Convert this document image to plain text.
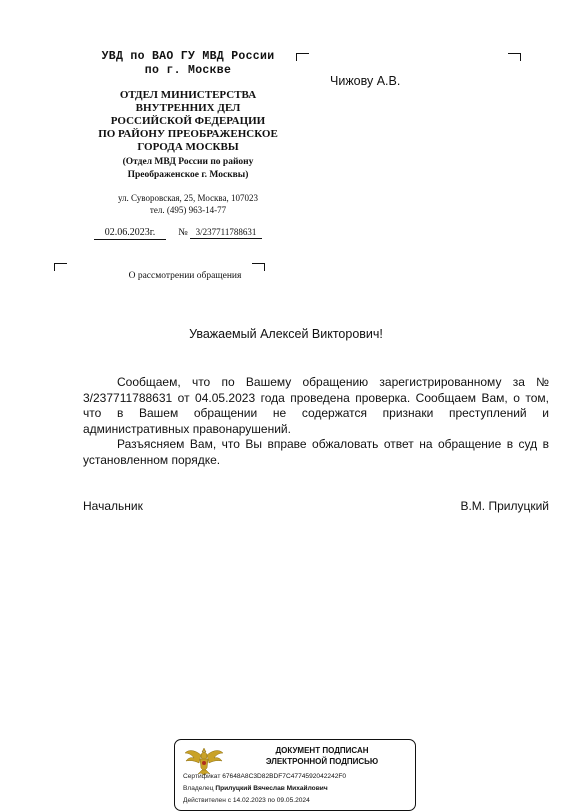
УВД по ВАО ГУ МВД России
по г. Москве
ОТДЕЛ МИНИСТЕРСТВА
ВНУТРЕННИХ ДЕЛ
РОССИЙСКОЙ ФЕДЕРАЦИИ
ПО РАЙОНУ ПРЕОБРАЖЕНСКОЕ
ГОРОДА МОСКВЫ
(Отдел МВД России по району
Преображенское г. Москвы)
ул. Суворовская, 25, Москва, 107023
тел. (495) 963-14-77
02.06.2023г. № 3/237711788631
О рассмотрении обращения
Чижову А.В.
Уважаемый Алексей Викторович!
Сообщаем, что по Вашему обращению зарегистрированному за № 3/237711788631 от 04.05.2023 года проведена проверка. Сообщаем Вам, о том, что в Вашем обращении не содержатся признаки преступлений и административных правонарушений.
Разъясняем Вам, что Вы вправе обжаловать ответ на обращение в суд в установленном порядке.
Начальник	В.М. Прилуцкий
ДОКУМЕНТ ПОДПИСАН
ЭЛЕКТРОННОЙ ПОДПИСЬЮ
Сертификат 67648A8C3D82BDF7C4774592042242F0
Владелец Прилуцкий Вячеслав Михайлович
Действителен с 14.02.2023 по 09.05.2024
